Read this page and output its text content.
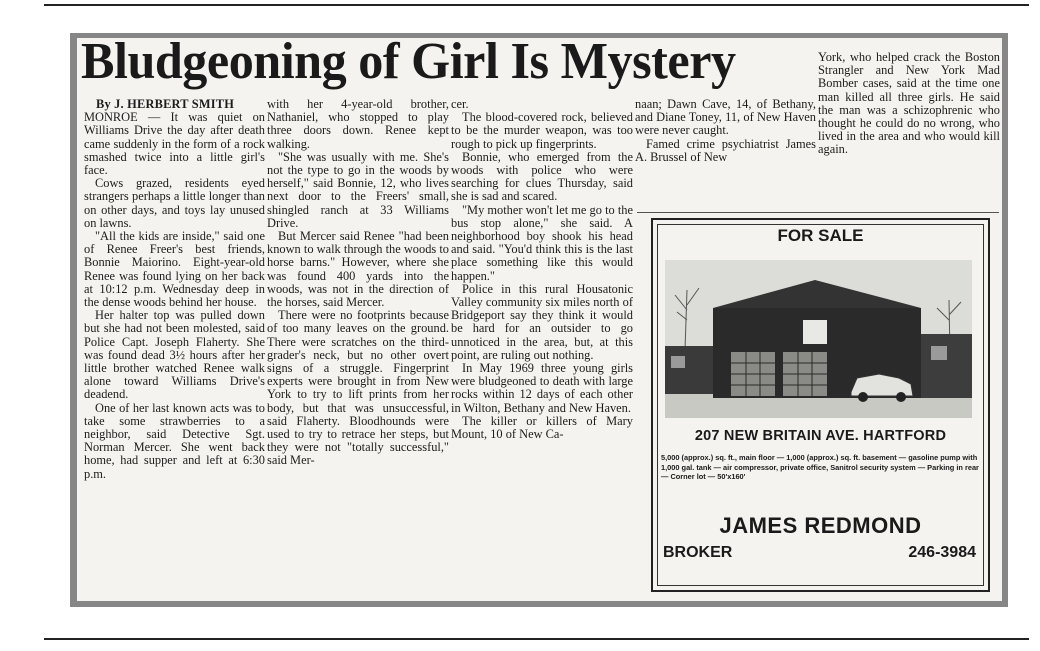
Bludgeoning of Girl Is Mystery

By J. HERBERT SMITH

MONROE — It was quiet on Williams Drive the day after death came suddenly in the form of a rock smashed twice into a little girl's face.

Cows grazed, residents eyed strangers perhaps a little longer than on other days, and toys lay unused on lawns.

"All the kids are inside," said one of Renee Freer's best friends, Bonnie Maiorino. Eight-year-old Renee was found lying on her back at 10:12 p.m. Wednesday deep in the dense woods behind her house.

Her halter top was pulled down but she had not been molested, said Police Capt. Joseph Flaherty. She was found dead 3½ hours after her little brother watched Renee walk alone toward Williams Drive's deadend.

One of her last known acts was to take some strawberries to a neighbor, said Detective Sgt. Norman Mercer. She went back home, had supper and left at 6:30 p.m.

with her 4-year-old brother, Nathaniel, who stopped to play three doors down. Renee kept walking.

"She was usually with me. She's not the type to go in the woods by herself," said Bonnie, 12, who lives next door to the Freers' small, shingled ranch at 33 Williams Drive.

But Mercer said Renee "had been known to walk through the woods to horse barns." However, where she was found 400 yards into the woods, was not in the direction of the horses, said Mercer.

There were no footprints because of too many leaves on the ground. There were scratches on the third-grader's neck, but no other overt signs of a struggle. Fingerprint experts were brought in from New York to try to lift prints from her body, but that was unsuccessful, said Flaherty. Bloodhounds were used to try to retrace her steps, but they were not "totally successful," said Mer-

cer.

The blood-covered rock, believed to be the murder weapon, was too rough to pick up fingerprints.

Bonnie, who emerged from the woods with police who were searching for clues Thursday, said she is sad and scared.

"My mother won't let me go to the bus stop alone," she said. A neighborhood boy shook his head and said. "You'd think this is the last place something like this would happen."

Police in this rural Housatonic Valley community six miles north of Bridgeport say they think it would be hard for an outsider to go unnoticed in the area, but, at this point, are ruling out nothing.

In May 1969 three young girls were bludgeoned to death with large rocks within 12 days of each other in Wilton, Bethany and New Haven.

The killer or killers of Mary Mount, 10 of New Ca-

naan; Dawn Cave, 14, of Bethany, and Diane Toney, 11, of New Haven were never caught.

Famed crime psychiatrist James A. Brussel of New

York, who helped crack the Boston Strangler and New York Mad Bomber cases, said at the time one man killed all three girls. He said the man was a schizophrenic who thought he could do no wrong, who lived in the area and who would kill again.

FOR SALE
207 NEW BRITAIN AVE. HARTFORD
5,000 (approx.) sq. ft., main floor — 1,000 (approx.) sq. ft. basement — gasoline pump with 1,000 gal. tank — air compressor, private office, Sanitrol security system — Parking in rear — Corner lot — 50'x160'
JAMES REDMOND
BROKER	246-3984
